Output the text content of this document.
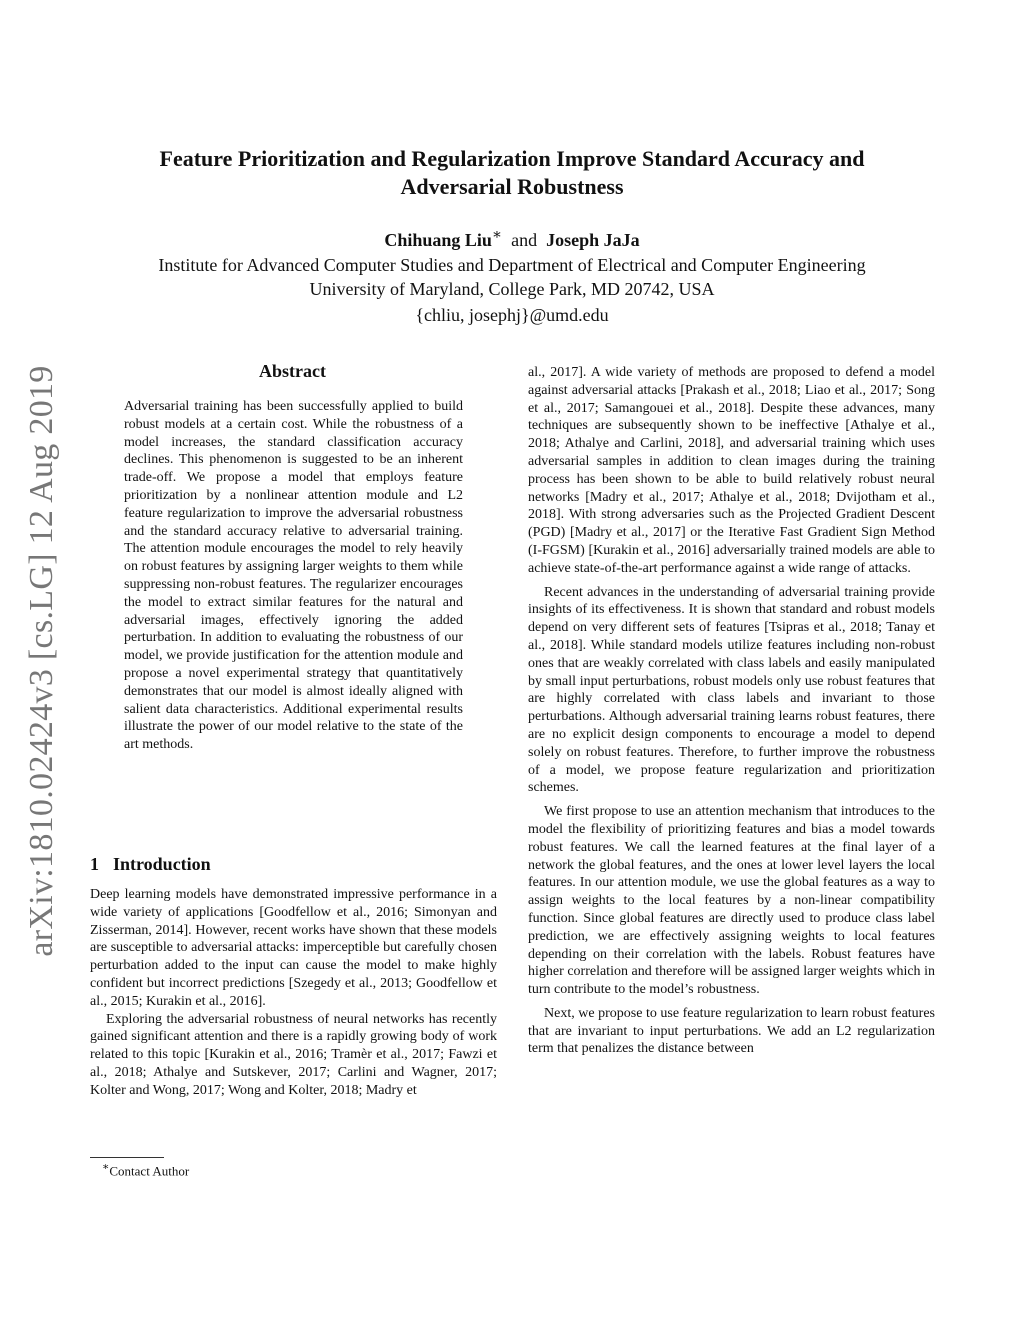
arXiv:1810.02424v3 [cs.LG] 12 Aug 2019
Feature Prioritization and Regularization Improve Standard Accuracy and Adversarial Robustness
Chihuang Liu∗ and Joseph JaJa
Institute for Advanced Computer Studies and Department of Electrical and Computer Engineering
University of Maryland, College Park, MD 20742, USA
{chliu, josephj}@umd.edu
Abstract

Adversarial training has been successfully applied to build robust models at a certain cost. While the robustness of a model increases, the standard classification accuracy declines. This phenomenon is suggested to be an inherent trade-off. We propose a model that employs feature prioritization by a nonlinear attention module and L2 feature regularization to improve the adversarial robustness and the standard accuracy relative to adversarial training. The attention module encourages the model to rely heavily on robust features by assigning larger weights to them while suppressing non-robust features. The regularizer encourages the model to extract similar features for the natural and adversarial images, effectively ignoring the added perturbation. In addition to evaluating the robustness of our model, we provide justification for the attention module and propose a novel experimental strategy that quantitatively demonstrates that our model is almost ideally aligned with salient data characteristics. Additional experimental results illustrate the power of our model relative to the state of the art methods.

1 Introduction

Deep learning models have demonstrated impressive performance in a wide variety of applications [Goodfellow et al., 2016; Simonyan and Zisserman, 2014]. However, recent works have shown that these models are susceptible to adversarial attacks: imperceptible but carefully chosen perturbation added to the input can cause the model to make highly confident but incorrect predictions [Szegedy et al., 2013; Goodfellow et al., 2015; Kurakin et al., 2016].

Exploring the adversarial robustness of neural networks has recently gained significant attention and there is a rapidly growing body of work related to this topic [Kurakin et al., 2016; Tramèr et al., 2017; Fawzi et al., 2018; Athalye and Sutskever, 2017; Carlini and Wagner, 2017; Kolter and Wong, 2017; Wong and Kolter, 2018; Madry et

∗Contact Author

al., 2017]. A wide variety of methods are proposed to defend a model against adversarial attacks [Prakash et al., 2018; Liao et al., 2017; Song et al., 2017; Samangouei et al., 2018]. Despite these advances, many techniques are subsequently shown to be ineffective [Athalye et al., 2018; Athalye and Carlini, 2018], and adversarial training which uses adversarial samples in addition to clean images during the training process has been shown to be able to build relatively robust neural networks [Madry et al., 2017; Athalye et al., 2018; Dvijotham et al., 2018]. With strong adversaries such as the Projected Gradient Descent (PGD) [Madry et al., 2017] or the Iterative Fast Gradient Sign Method (I-FGSM) [Kurakin et al., 2016] adversarially trained models are able to achieve state-of-the-art performance against a wide range of attacks.

Recent advances in the understanding of adversarial training provide insights of its effectiveness. It is shown that standard and robust models depend on very different sets of features [Tsipras et al., 2018; Tanay et al., 2018]. While standard models utilize features including non-robust ones that are weakly correlated with class labels and easily manipulated by small input perturbations, robust models only use robust features that are highly correlated with class labels and invariant to those perturbations. Although adversarial training learns robust features, there are no explicit design components to encourage a model to depend solely on robust features. Therefore, to further improve the robustness of a model, we propose feature regularization and prioritization schemes.

We first propose to use an attention mechanism that introduces to the model the flexibility of prioritizing features and bias a model towards robust features. We call the learned features at the final layer of a network the global features, and the ones at lower level layers the local features. In our attention module, we use the global features as a way to assign weights to the local features by a non-linear compatibility function. Since global features are directly used to produce class label prediction, we are effectively assigning weights to local features depending on their correlation with the labels. Robust features have higher correlation and therefore will be assigned larger weights which in turn contribute to the model’s robustness.

Next, we propose to use feature regularization to learn robust features that are invariant to input perturbations. We add an L2 regularization term that penalizes the distance between
